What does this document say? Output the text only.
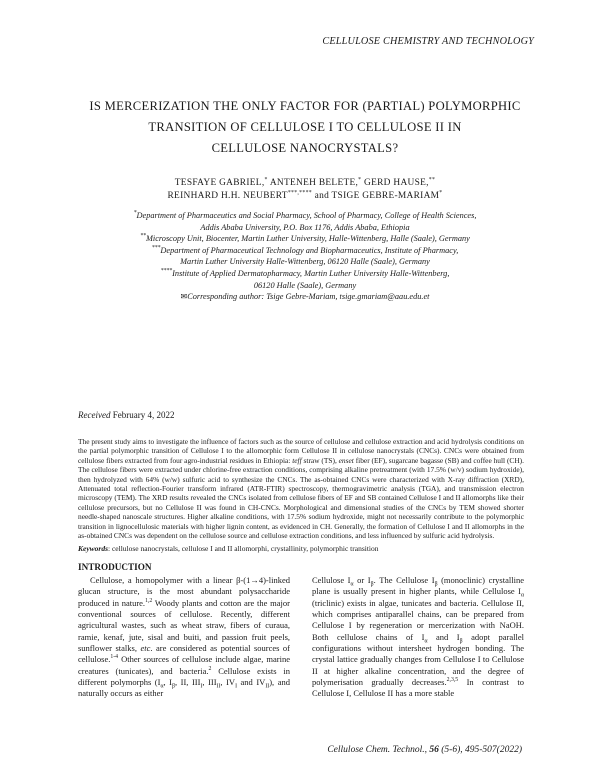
CELLULOSE CHEMISTRY AND TECHNOLOGY
IS MERCERIZATION THE ONLY FACTOR FOR (PARTIAL) POLYMORPHIC
TRANSITION OF CELLULOSE I TO CELLULOSE II IN
CELLULOSE NANOCRYSTALS?
TESFAYE GABRIEL,* ANTENEH BELETE,* GERD HAUSE,**
REINHARD H.H. NEUBERT***,**** and TSIGE GEBRE-MARIAM*
*Department of Pharmaceutics and Social Pharmacy, School of Pharmacy, College of Health Sciences,
Addis Ababa University, P.O. Box 1176, Addis Ababa, Ethiopia
**Microscopy Unit, Biocenter, Martin Luther University, Halle-Wittenberg, Halle (Saale), Germany
***Department of Pharmaceutical Technology and Biopharmaceutics, Institute of Pharmacy,
Martin Luther University Halle-Wittenberg, 06120 Halle (Saale), Germany
****Institute of Applied Dermatopharmacy, Martin Luther University Halle-Wittenberg,
06120 Halle (Saale), Germany
✉Corresponding author: Tsige Gebre-Mariam, tsige.gmariam@aau.edu.et
Received February 4, 2022
The present study aims to investigate the influence of factors such as the source of cellulose and cellulose extraction and acid hydrolysis conditions on the partial polymorphic transition of Cellulose I to the allomorphic form Cellulose II in cellulose nanocrystals (CNCs). CNCs were obtained from cellulose fibers extracted from four agro-industrial residues in Ethiopia: teff straw (TS), enset fiber (EF), sugarcane bagasse (SB) and coffee hull (CH). The cellulose fibers were extracted under chlorine-free extraction conditions, comprising alkaline pretreatment (with 17.5% (w/v) sodium hydroxide), then hydrolyzed with 64% (w/w) sulfuric acid to synthesize the CNCs. The as-obtained CNCs were characterized with X-ray diffraction (XRD), Attenuated total reflection-Fourier transform infrared (ATR-FTIR) spectroscopy, thermogravimetric analysis (TGA), and transmission electron microscopy (TEM). The XRD results revealed the CNCs isolated from cellulose fibers of EF and SB contained Cellulose I and II allomorphs like their cellulose precursors, but no Cellulose II was found in CH-CNCs. Morphological and dimensional studies of the CNCs by TEM showed shorter needle-shaped nanoscale structures. Higher alkaline conditions, with 17.5% sodium hydroxide, might not necessarily contribute to the polymorphic transition in lignocellulosic materials with higher lignin content, as evidenced in CH. Generally, the formation of Cellulose I and II allomorphs in the as-obtained CNCs was dependent on the cellulose source and cellulose extraction conditions, and less influenced by sulfuric acid hydrolysis.
Keywords: cellulose nanocrystals, cellulose I and II allomorphi, crystallinity, polymorphic transition
INTRODUCTION

Cellulose, a homopolymer with a linear β-(1→4)-linked glucan structure, is the most abundant polysaccharide produced in nature.$^{1,2}$ Woody plants and cotton are the major conventional sources of cellulose. Recently, different agricultural wastes, such as wheat straw, fibers of curaua, ramie, kenaf, jute, sisal and buiti, and passion fruit peels, sunflower stalks, etc. are considered as potential sources of cellulose.$^{1-4}$ Other sources of cellulose include algae, marine creatures (tunicates), and bacteria.$^2$ Cellulose exists in different polymorphs ($I_\alpha$, $I_\beta$, II, $III_I$, $III_{II}$, $IV_I$ and $IV_{II}$), and naturally occurs as either

Cellulose $I_\alpha$ or $I_\beta$. The Cellulose $I_\beta$ (monoclinic) crystalline plane is usually present in higher plants, while Cellulose $I_\alpha$ (triclinic) exists in algae, tunicates and bacteria. Cellulose II, which comprises antiparallel chains, can be prepared from Cellulose I by regeneration or mercerization with NaOH. Both cellulose chains of $I_\alpha$ and $I_\beta$ adopt parallel configurations without intersheet hydrogen bonding. The crystal lattice gradually changes from Cellulose I to Cellulose II at higher alkaline concentration, and the degree of polymerisation gradually decreases.$^{2,3,5}$ In contrast to Cellulose I, Cellulose II has a more stable

Cellulose Chem. Technol., 56 (5-6), 495-507(2022)
